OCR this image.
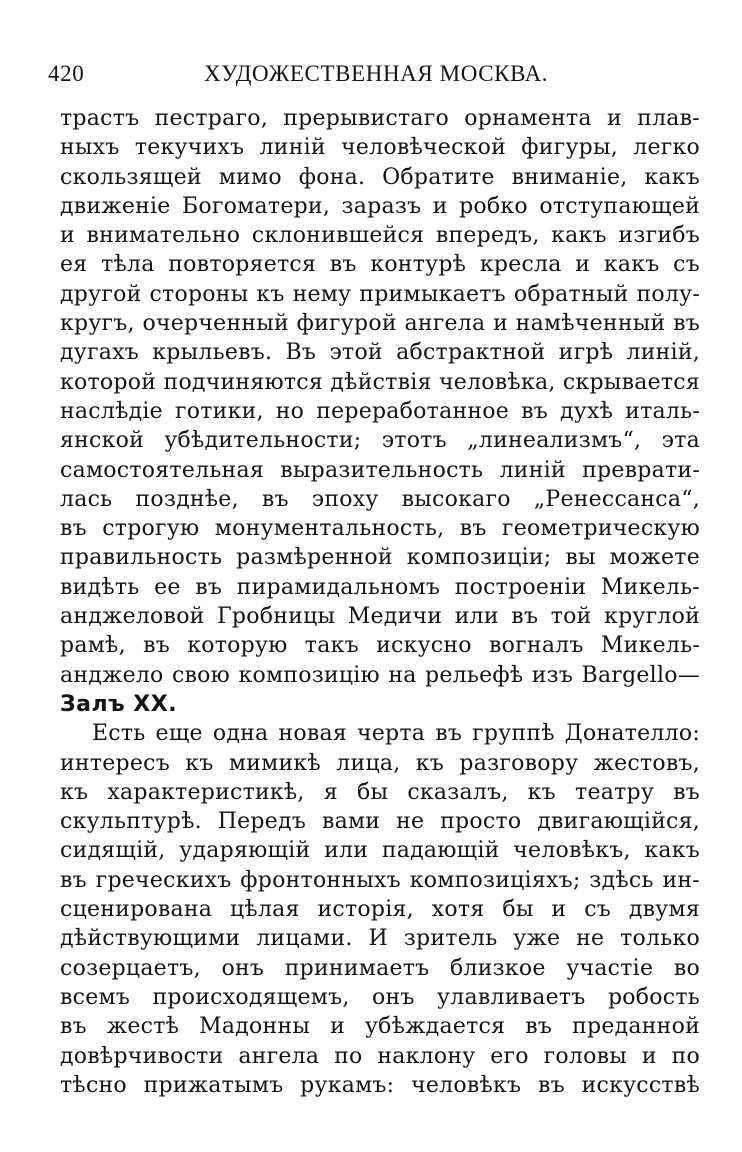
420	ХУДОЖЕСТВЕННАЯ МОСКВА.
трастъ пестраго, прерывистаго орнамента и плав-
ныхъ текучихъ линій человѣческой фигуры, легко
скользящей мимо фона. Обратите вниманіе, какъ
движеніе Богоматери, заразъ и робко отступающей
и внимательно склонившейся впередъ, какъ изгибъ
ея тѣла повторяется въ контурѣ кресла и какъ съ
другой стороны къ нему примыкаетъ обратный полу-
кругъ, очерченный фигурой ангела и намѣченный въ
дугахъ крыльевъ. Въ этой абстрактной игрѣ линій,
которой подчиняются дѣйствія человѣка, скрывается
наслѣдіе готики, но переработанное въ духѣ италь-
янской убѣдительности; этотъ „линеализмъ“, эта
самостоятельная выразительность линій преврати-
лась позднѣе, въ эпоху высокаго „Ренессанса“,
въ строгую монументальность, въ геометрическую
правильность размѣренной композиціи; вы можете
видѣть ее въ пирамидальномъ построеніи Микель-
анджеловой Гробницы Медичи или въ той круглой
рамѣ, въ которую такъ искусно вогналъ Микель-
анджело свою композицію на рельефѣ изъ Bargello—
Залъ XX.
Есть еще одна новая черта въ группѣ Донателло:
интересъ къ мимикѣ лица, къ разговору жестовъ,
къ характеристикѣ, я бы сказалъ, къ театру въ
скульптурѣ. Передъ вами не просто двигающійся,
сидящій, ударяющій или падающій человѣкъ, какъ
въ греческихъ фронтонныхъ композиціяхъ; здѣсь ин-
сценирована цѣлая исторія, хотя бы и съ двумя
дѣйствующими лицами. И зритель уже не только
созерцаетъ, онъ принимаетъ близкое участіе во
всемъ происходящемъ, онъ улавливаетъ робость
въ жестѣ Мадонны и убѣждается въ преданной
довѣрчивости ангела по наклону его головы и по
тѣсно прижатымъ рукамъ: человѣкъ въ искусствѣ
